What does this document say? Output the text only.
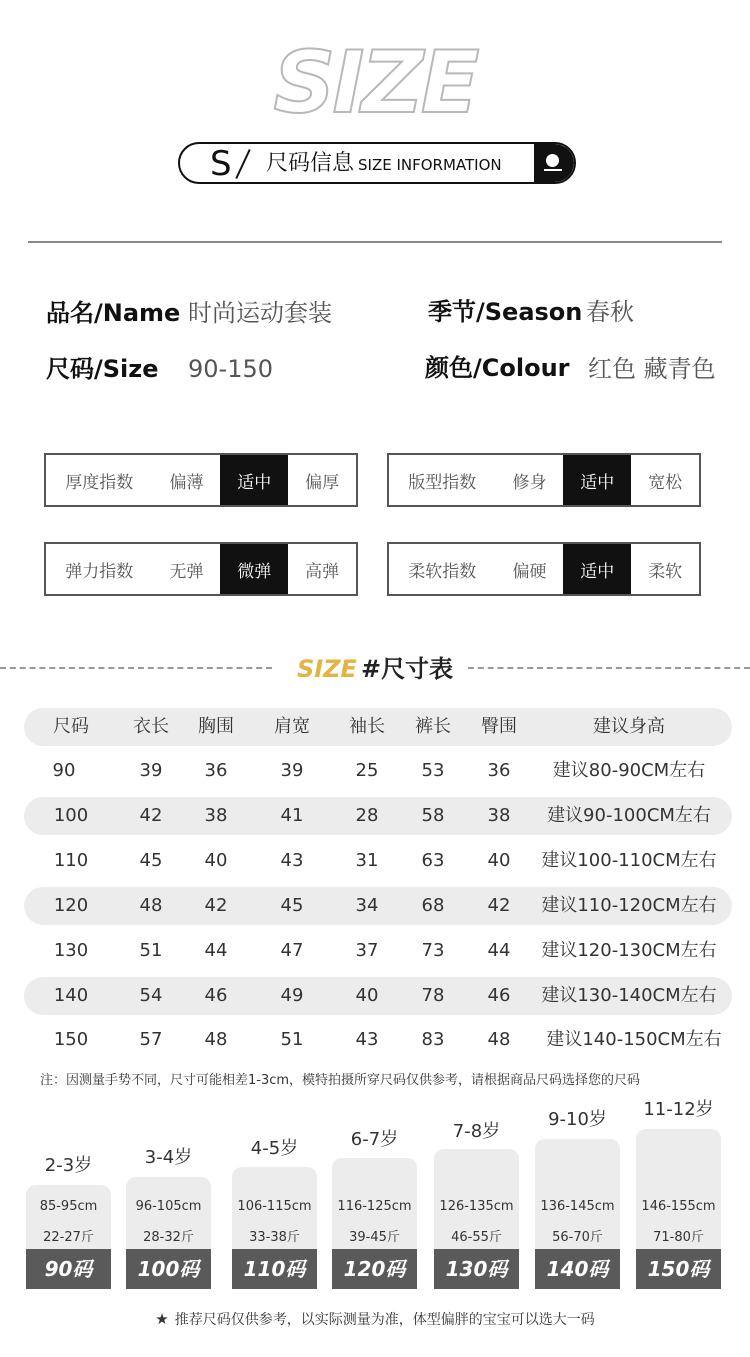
SIZE
S 尺码信息 SIZE INFORMATION
品名/Name 时尚运动套装	季节/Season 春秋
尺码/Size 90-150	颜色/Colour 红色 藏青色
厚度指数	偏薄	适中	偏厚	版型指数	修身	适中	宽松
弹力指数	无弹	微弹	高弹	柔软指数	偏硬	适中	柔软
SIZE #尺寸表
尺码	衣长	胸围	肩宽	袖长	裤长	臀围	建议身高
90	39	36	39	25	53	36	建议80-90CM左右
100	42	38	41	28	58	38	建议90-100CM左右
110	45	40	43	31	63	40	建议100-110CM左右
120	48	42	45	34	68	42	建议110-120CM左右
130	51	44	47	37	73	44	建议120-130CM左右
140	54	46	49	40	78	46	建议130-140CM左右
150	57	48	51	43	83	48	建议140-150CM左右
注：因测量手势不同，尺寸可能相差1-3cm，模特拍摄所穿尺码仅供参考，请根据商品尺码选择您的尺码
2-3岁
85-95cm
22-27斤
90码
3-4岁
96-105cm
28-32斤
100码
4-5岁
106-115cm
33-38斤
110码
6-7岁
116-125cm
39-45斤
120码
7-8岁
126-135cm
46-55斤
130码
9-10岁
136-145cm
56-70斤
140码
11-12岁
146-155cm
71-80斤
150码
★ 推荐尺码仅供参考，以实际测量为准，体型偏胖的宝宝可以选大一码
